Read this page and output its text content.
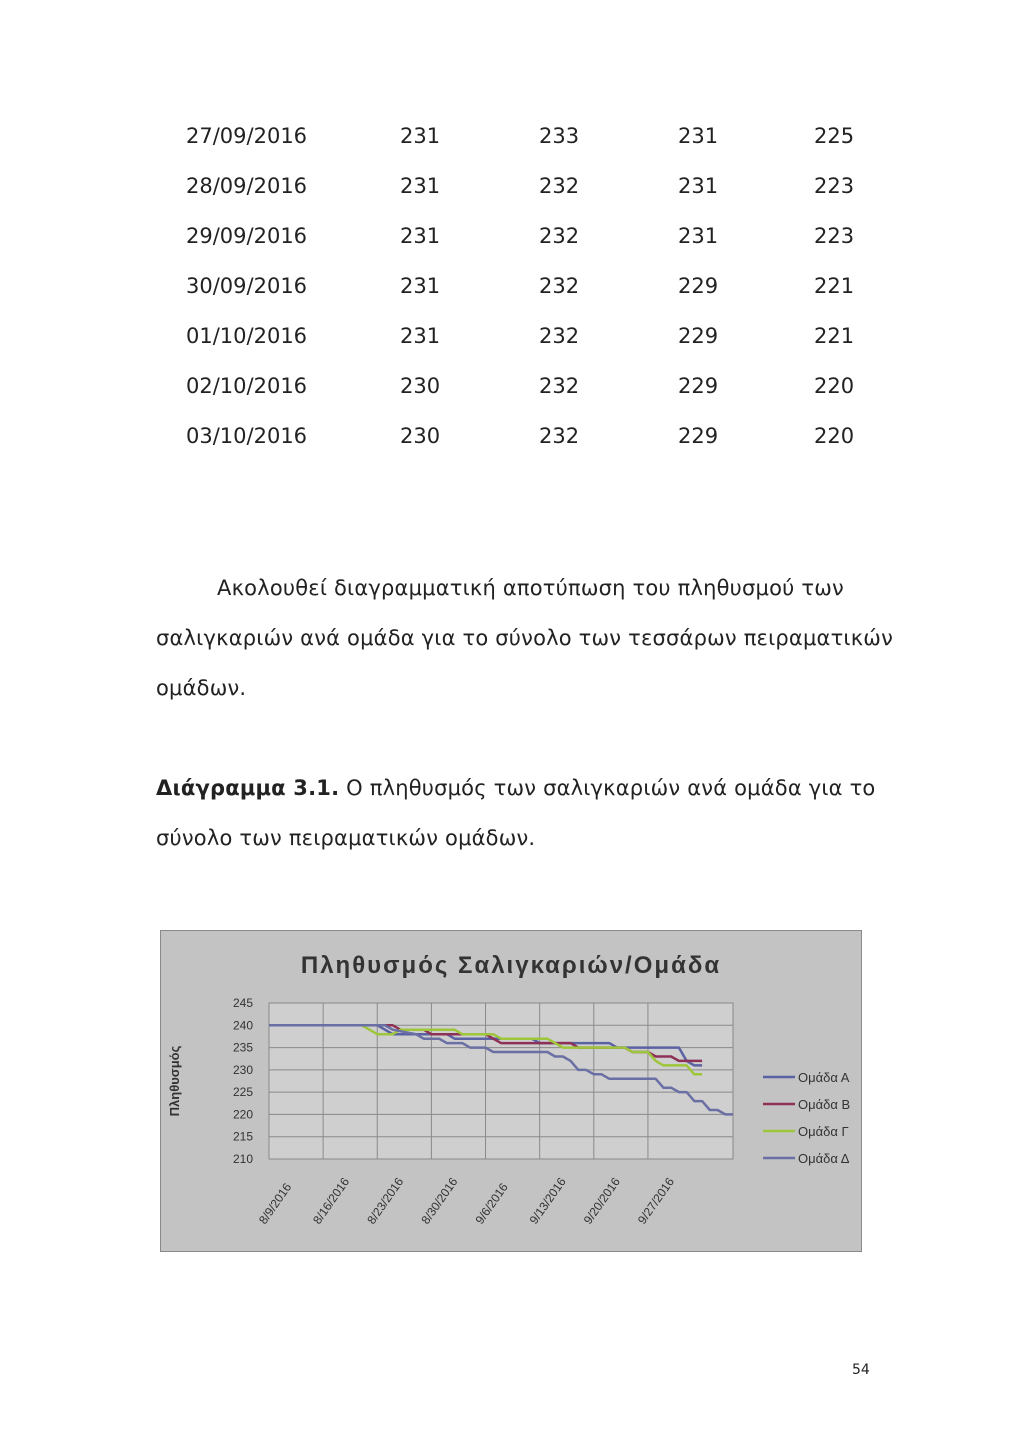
27/09/2016	231	233	231	225
28/09/2016	231	232	231	223
29/09/2016	231	232	231	223
30/09/2016	231	232	229	221
01/10/2016	231	232	229	221
02/10/2016	230	232	229	220
03/10/2016	230	232	229	220
Ακολουθεί διαγραμματική αποτύπωση του πληθυσμού των
σαλιγκαριών ανά ομάδα για το σύνολο των τεσσάρων πειραματικών
ομάδων.
Διάγραμμα 3.1. Ο πληθυσμός των σαλιγκαριών ανά ομάδα για το
σύνολο των πειραματικών ομάδων.
245
240
235
230
225
220
215
210
8/9/2016 8/16/2016 8/23/2016 8/30/2016 9/6/2016 9/13/2016 9/20/2016 9/27/2016
Ομάδα Α
Ομάδα Β
Ομάδα Γ
Ομάδα Δ
Πληθυσμός Σαλιγκαριών/Ομάδα
Πληθυσμός
54
